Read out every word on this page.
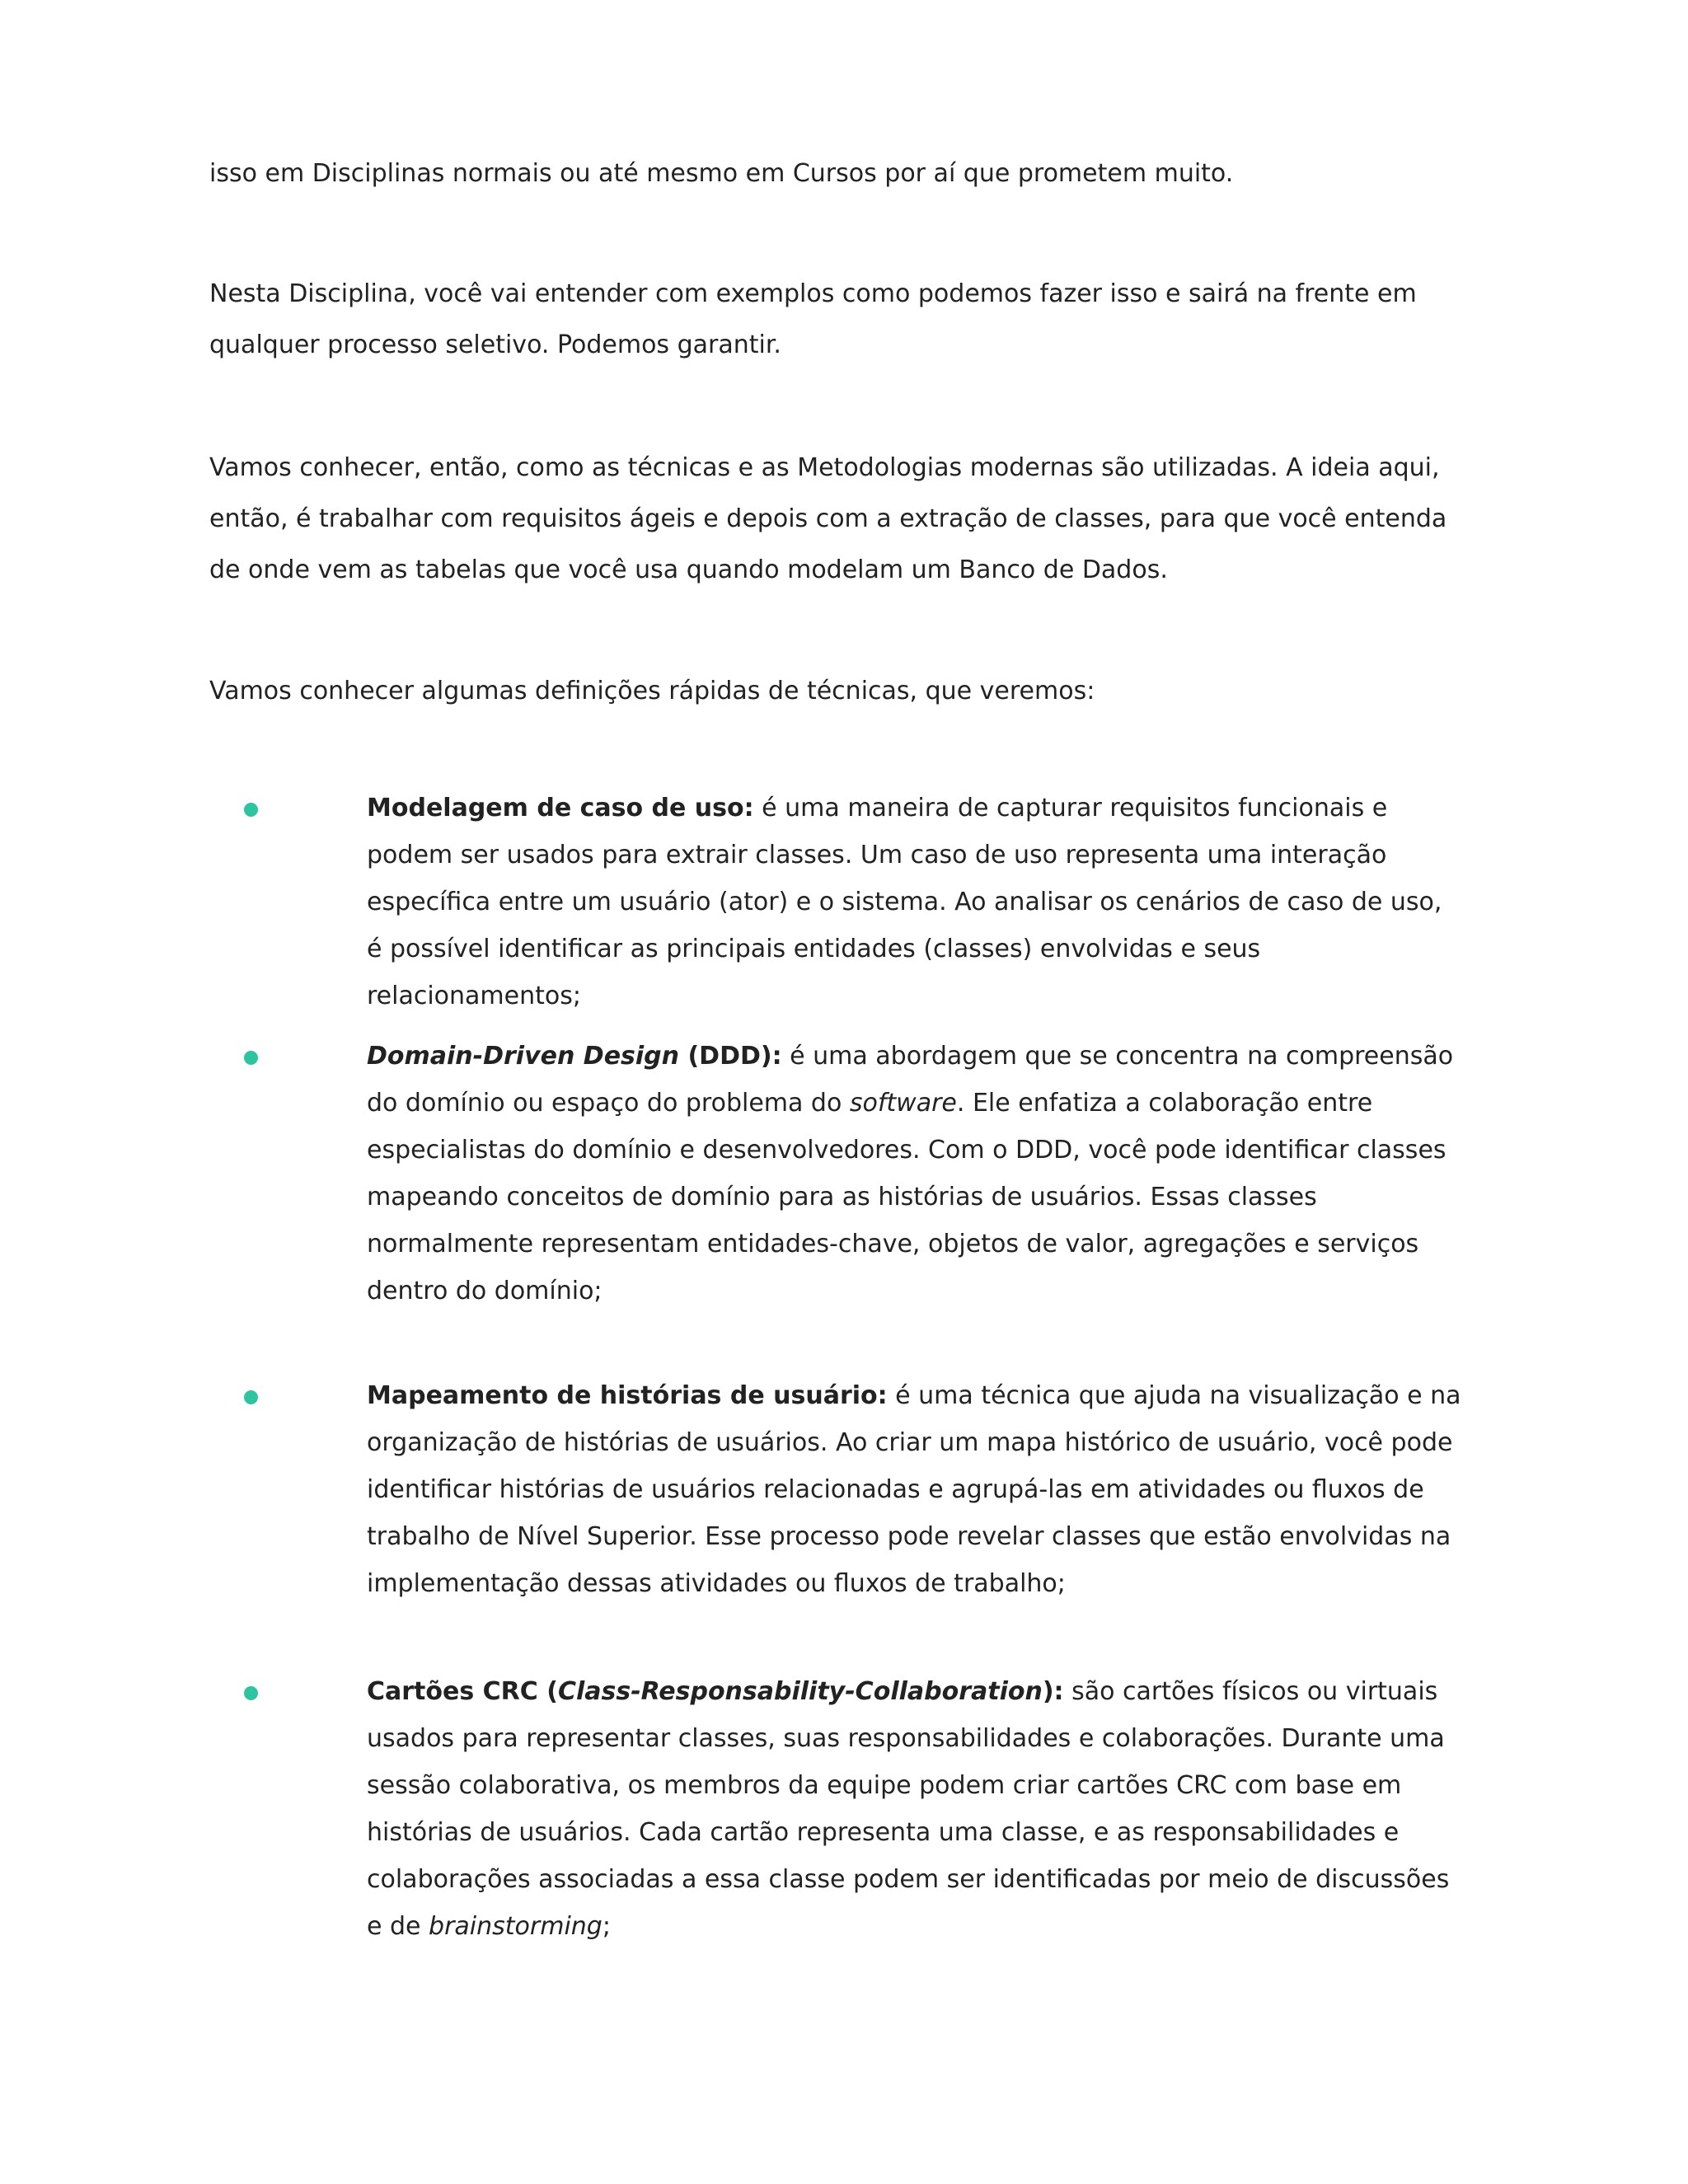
isso em Disciplinas normais ou até mesmo em Cursos por aí que prometem muito.

Nesta Disciplina, você vai entender com exemplos como podemos fazer isso e sairá na frente em qualquer processo seletivo. Podemos garantir.

Vamos conhecer, então, como as técnicas e as Metodologias modernas são utilizadas. A ideia aqui, então, é trabalhar com requisitos ágeis e depois com a extração de classes, para que você entenda de onde vem as tabelas que você usa quando modelam um Banco de Dados.

Vamos conhecer algumas definições rápidas de técnicas, que veremos:

Modelagem de caso de uso: é uma maneira de capturar requisitos funcionais e podem ser usados para extrair classes. Um caso de uso representa uma interação específica entre um usuário (ator) e o sistema. Ao analisar os cenários de caso de uso, é possível identificar as principais entidades (classes) envolvidas e seus relacionamentos;

Domain-Driven Design (DDD): é uma abordagem que se concentra na compreensão do domínio ou espaço do problema do software. Ele enfatiza a colaboração entre especialistas do domínio e desenvolvedores. Com o DDD, você pode identificar classes mapeando conceitos de domínio para as histórias de usuários. Essas classes normalmente representam entidades-chave, objetos de valor, agregações e serviços dentro do domínio;

Mapeamento de histórias de usuário: é uma técnica que ajuda na visualização e na organização de histórias de usuários. Ao criar um mapa histórico de usuário, você pode identificar histórias de usuários relacionadas e agrupá-las em atividades ou fluxos de trabalho de Nível Superior. Esse processo pode revelar classes que estão envolvidas na implementação dessas atividades ou fluxos de trabalho;

Cartões CRC (Class-Responsability-Collaboration): são cartões físicos ou virtuais usados para representar classes, suas responsabilidades e colaborações. Durante uma sessão colaborativa, os membros da equipe podem criar cartões CRC com base em histórias de usuários. Cada cartão representa uma classe, e as responsabilidades e colaborações associadas a essa classe podem ser identificadas por meio de discussões e de brainstorming;
